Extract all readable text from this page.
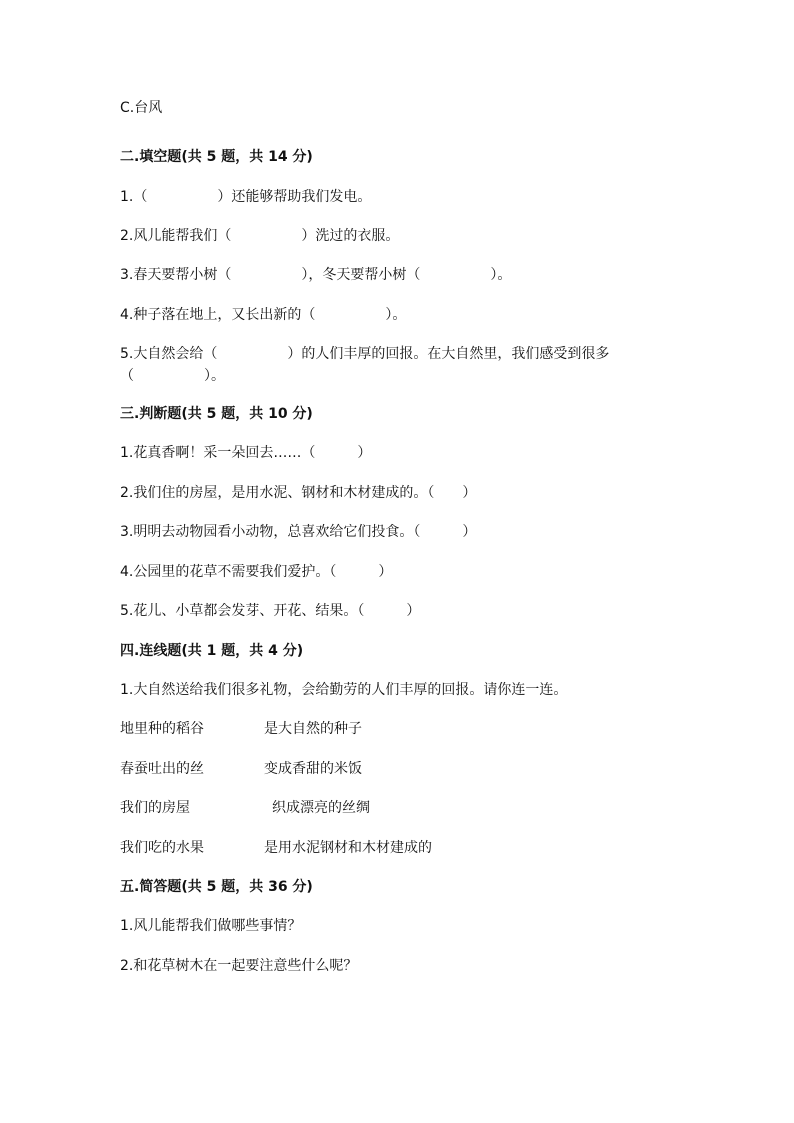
C.台风
二.填空题(共 5 题，共 14 分)
1.（　　　　　）还能够帮助我们发电。
2.风儿能帮我们（　　　　　）洗过的衣服。
3.春天要帮小树（　　　　　），冬天要帮小树（　　　　　）。
4.种子落在地上，又长出新的（　　　　　）。
5.大自然会给（　　　　　）的人们丰厚的回报。在大自然里，我们感受到很多
（　　　　　）。
三.判断题(共 5 题，共 10 分)
1.花真香啊！采一朵回去……（　　　）
2.我们住的房屋，是用水泥、钢材和木材建成的。（　　）
3.明明去动物园看小动物，总喜欢给它们投食。（　　　）
4.公园里的花草不需要我们爱护。（　　　）
5.花儿、小草都会发芽、开花、结果。（　　　）
四.连线题(共 1 题，共 4 分)
1.大自然送给我们很多礼物，会给勤劳的人们丰厚的回报。请你连一连。
地里种的稻谷	是大自然的种子
春蚕吐出的丝	变成香甜的米饭
我们的房屋	织成漂亮的丝绸
我们吃的水果	是用水泥钢材和木材建成的
五.简答题(共 5 题，共 36 分)
1.风儿能帮我们做哪些事情？
2.和花草树木在一起要注意些什么呢？
